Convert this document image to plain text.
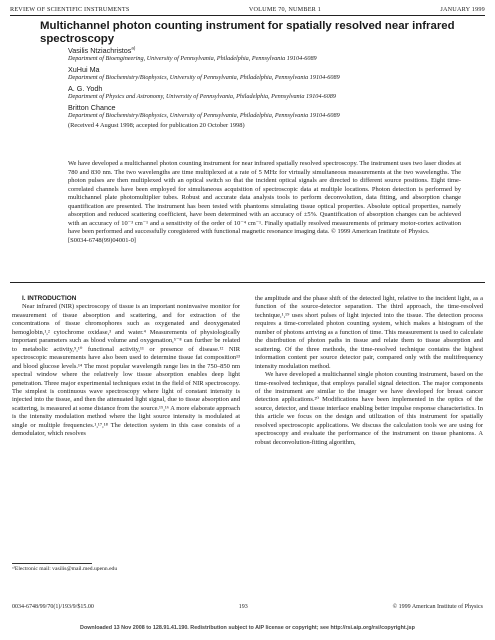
REVIEW OF SCIENTIFIC INSTRUMENTS	VOLUME 70, NUMBER 1	JANUARY 1999
Multichannel photon counting instrument for spatially resolved near infrared spectroscopy
Vasilis Ntziachristos$^{a)}$
Department of Bioengineering, University of Pennsylvania, Philadelphia, Pennsylvania 19104-6089
XuHui Ma
Department of Biochemistry/Biophysics, University of Pennsylvania, Philadelphia, Pennsylvania 19104-6089
A. G. Yodh
Department of Physics and Astronomy, University of Pennsylvania, Philadelphia, Pennsylvania 19104-6089
Britton Chance
Department of Biochemistry/Biophysics, University of Pennsylvania, Philadelphia, Pennsylvania 19104-6089
(Received 4 August 1998; accepted for publication 20 October 1998)

We have developed a multichannel photon counting instrument for near infrared spatially resolved spectroscopy. The instrument uses two laser diodes at 780 and 830 nm. The two wavelengths are time multiplexed at a rate of 5 MHz for virtually simultaneous measurements at the two wavelengths. The photon pulses are then multiplexed with an optical switch so that the incident optical signals are directed to different source positions. Eight time-correlated channels have been employed for simultaneous acquisition of spectroscopic data at multiple locations. Photon detection is performed by multichannel plate photomultiplier tubes. Robust and accurate data analysis tools to perform deconvolution, data fitting, and absorption change quantification are presented. The instrument has been tested with phantoms simulating tissue optical properties. Absolute optical properties, namely absorption and reduced scattering coefficient, have been determined with an accuracy of ±5%. Quantification of absorption changes can be achieved with an accuracy of 10⁻³ cm⁻¹ and a sensitivity of the order of 10⁻⁴ cm⁻¹. Finally spatially resolved measurements of primary motor-cortex activation have been performed and successfully coregistered with functional magnetic resonance imaging data. © 1999 American Institute of Physics.
[S0034-6748(99)04001-0]

I. INTRODUCTION

Near infrared (NIR) spectroscopy of tissue is an important noninvasive monitor for measurement of tissue absorption and scattering, and for extraction of the concentrations of tissue chromophores such as oxygenated and deoxygenated hemoglobin,¹,² cytochrome oxidase,³ and water.⁴ Measurements of physiologically important parameters such as blood volume and oxygenation,⁵⁻⁸ can further be related to metabolic activity,⁹,¹⁰ functional activity,¹¹ or presence of disease.¹² NIR spectroscopic measurements have also been used to determine tissue fat composition¹³ and blood glucose levels.¹⁴ The most popular wavelength range lies in the 750–850 nm spectral window where the relatively low tissue absorption enables deep light penetration. Three major experimental techniques exist in the field of NIR spectroscopy. The simplest is continuous wave spectroscopy where light of constant intensity is injected into the tissue, and then the attenuated light signal, due to tissue absorption and scattering, is measured at some distance from the source.¹⁵,¹⁶ A more elaborate approach is the intensity modulation method where the light source intensity is modulated at single or multiple frequencies.¹,¹⁷,¹⁸ The detection system in this case consists of a demodulator, which resolves

the amplitude and the phase shift of the detected light, relative to the incident light, as a function of the source-detector separation. The third approach, the time-resolved technique,¹,¹⁹ uses short pulses of light injected into the tissue. The detection process requires a time-correlated photon counting system, which makes a histogram of the number of photons arriving as a function of time. This measurement is used to calculate the distribution of photon paths in tissue and relate them to tissue absorption and scattering. Of the three methods, the time-resolved technique contains the highest information content per source detector pair, compared only with the multifrequency intensity modulation method.

We have developed a multichannel single photon counting instrument, based on the time-resolved technique, that employs parallel signal detection. The major components of the instrument are similar to the imager we have developed for breast cancer detection applications.²⁰ Modifications have been implemented in the optics of the source, detector, and tissue interface enabling better impulse response characteristics. In this article we focus on the design and utilization of this instrument for spatially resolved spectroscopic applications. We discuss the calculation tools we are using for spectroscopy and evaluate the performance of the instrument on tissue phantoms. A robust deconvolution-fitting algorithm,

ᵃ⁾Electronic mail: vasilis@mail.med.upenn.edu
0034-6748/99/70(1)/193/9/$15.00	193	© 1999 American Institute of Physics
Downloaded 13 Nov 2008 to 128.91.41.190. Redistribution subject to AIP license or copyright; see http://rsi.aip.org/rsi/copyright.jsp
